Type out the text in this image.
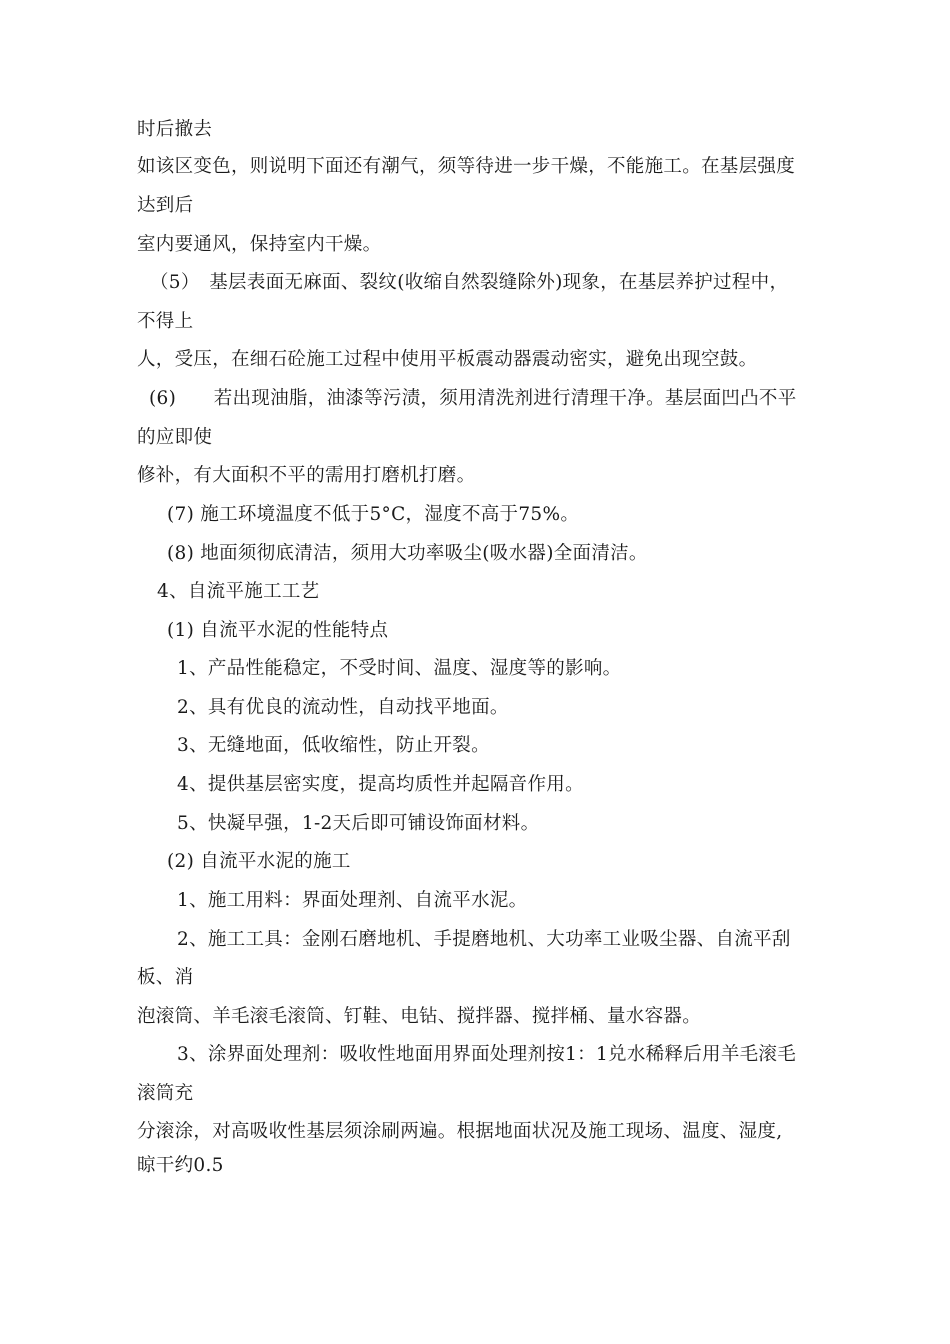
时后撤去
如该区变色，则说明下面还有潮气，须等待进一步干燥，不能施工。在基层强度
达到后
室内要通风，保持室内干燥。
（5）　基层表面无麻面、裂纹(收缩自然裂缝除外)现象，在基层养护过程中，
不得上
人，受压，在细石砼施工过程中使用平板震动器震动密实，避免出现空鼓。
(6)　　若出现油脂，油漆等污渍，须用清洗剂进行清理干净。基层面凹凸不平
的应即使
修补，有大面积不平的需用打磨机打磨。
(7) 施工环境温度不低于5°C，湿度不高于75%。
(8) 地面须彻底清洁，须用大功率吸尘(吸水器)全面清洁。
4、自流平施工工艺
(1) 自流平水泥的性能特点
1、产品性能稳定，不受时间、温度、湿度等的影响。
2、具有优良的流动性，自动找平地面。
3、无缝地面，低收缩性，防止开裂。
4、提供基层密实度，提高均质性并起隔音作用。
5、快凝早强，1-2天后即可铺设饰面材料。
(2) 自流平水泥的施工
1、施工用料：界面处理剂、自流平水泥。
2、施工工具：金刚石磨地机、手提磨地机、大功率工业吸尘器、自流平刮
板、消
泡滚筒、羊毛滚毛滚筒、钉鞋、电钻、搅拌器、搅拌桶、量水容器。
3、涂界面处理剂：吸收性地面用界面处理剂按1：1兑水稀释后用羊毛滚毛
滚筒充
分滚涂，对高吸收性基层须涂刷两遍。根据地面状况及施工现场、温度、湿度,
晾干约0.5
